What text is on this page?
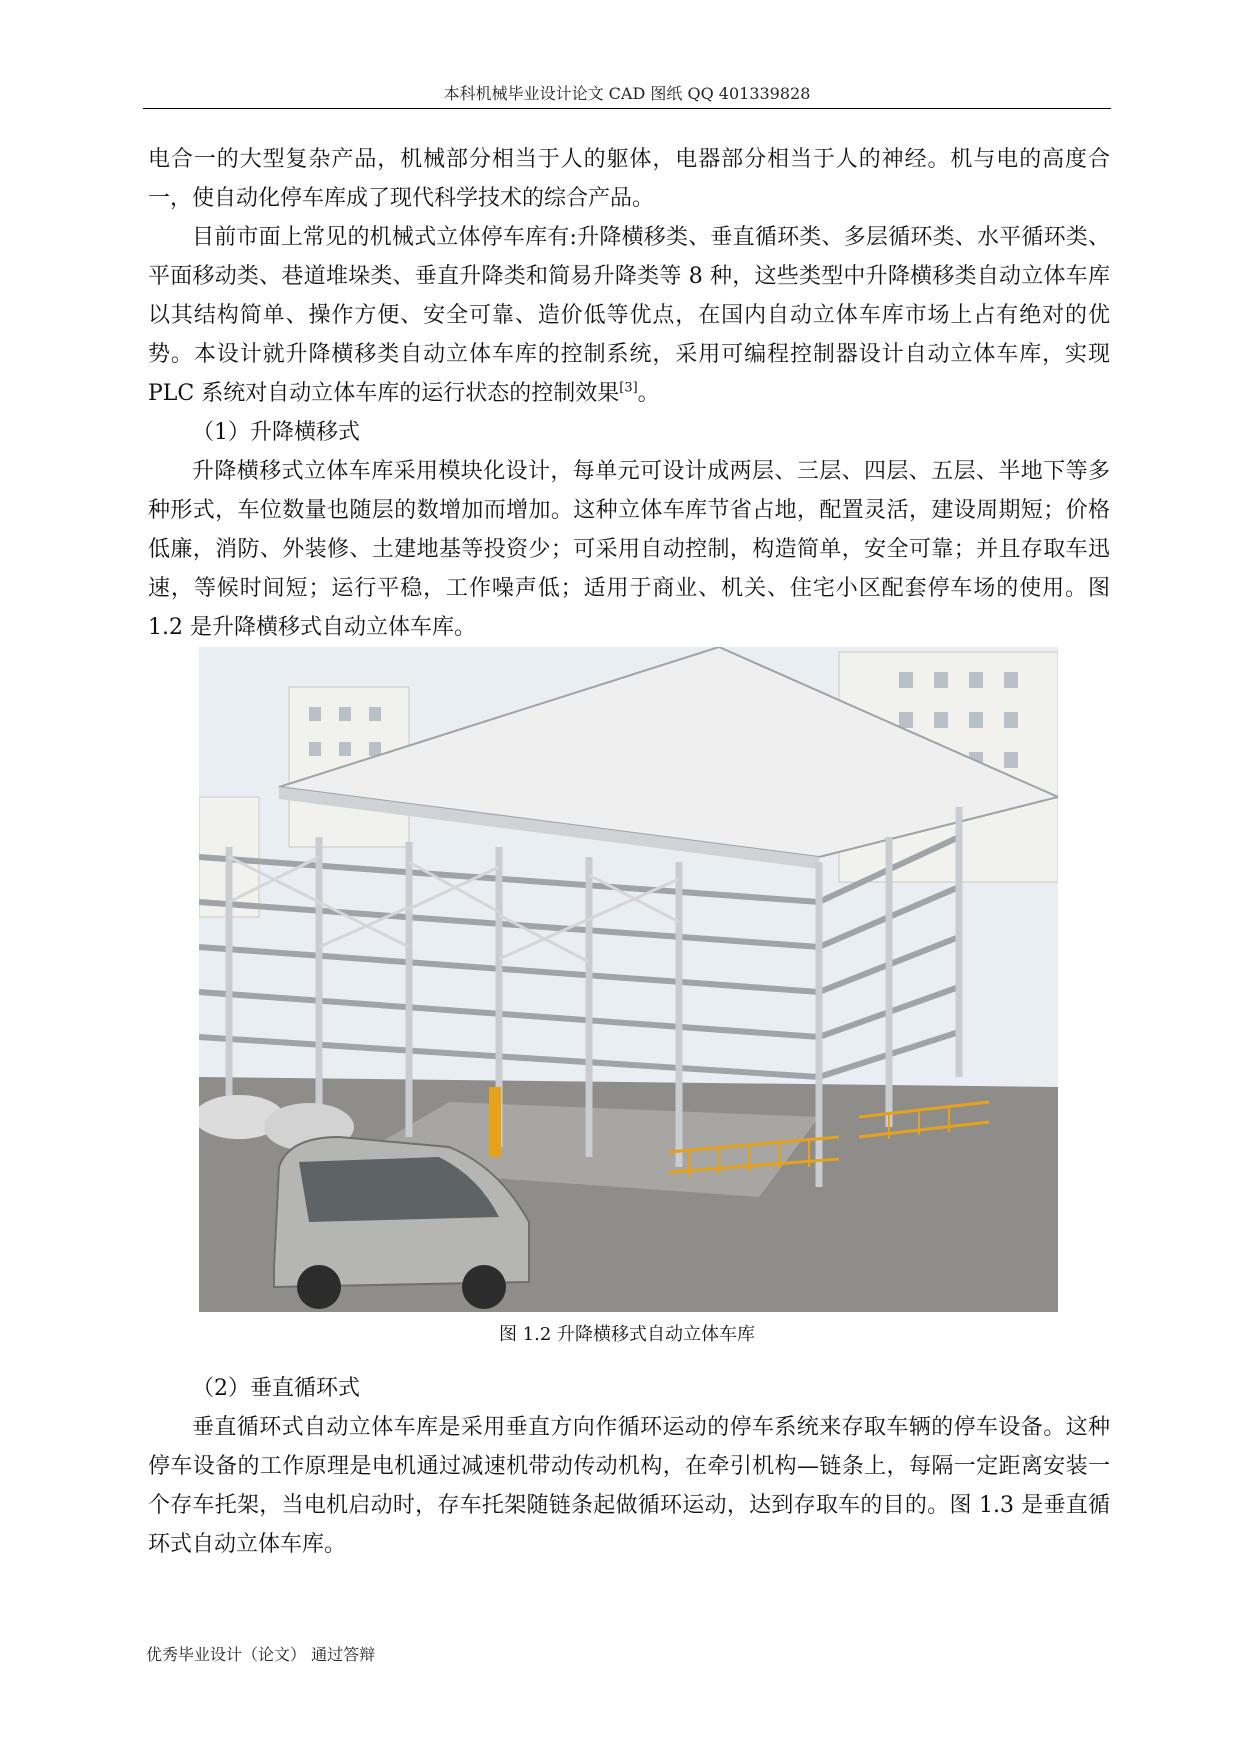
本科机械毕业设计论文 CAD 图纸 QQ 401339828

电合一的大型复杂产品，机械部分相当于人的躯体，电器部分相当于人的神经。机与电的高度合一，使自动化停车库成了现代科学技术的综合产品。

目前市面上常见的机械式立体停车库有:升降横移类、垂直循环类、多层循环类、水平循环类、平面移动类、巷道堆垛类、垂直升降类和简易升降类等 8 种，这些类型中升降横移类自动立体车库以其结构简单、操作方便、安全可靠、造价低等优点，在国内自动立体车库市场上占有绝对的优势。本设计就升降横移类自动立体车库的控制系统，采用可编程控制器设计自动立体车库，实现 PLC 系统对自动立体车库的运行状态的控制效果[3]。

（1）升降横移式

升降横移式立体车库采用模块化设计，每单元可设计成两层、三层、四层、五层、半地下等多种形式，车位数量也随层的数增加而增加。这种立体车库节省占地，配置灵活，建设周期短；价格低廉，消防、外装修、土建地基等投资少；可采用自动控制，构造简单，安全可靠；并且存取车迅速，等候时间短；运行平稳，工作噪声低；适用于商业、机关、住宅小区配套停车场的使用。图 1.2 是升降横移式自动立体车库。

图 1.2 升降横移式自动立体车库

（2）垂直循环式

垂直循环式自动立体车库是采用垂直方向作循环运动的停车系统来存取车辆的停车设备。这种停车设备的工作原理是电机通过减速机带动传动机构，在牵引机构—链条上，每隔一定距离安装一个存车托架，当电机启动时，存车托架随链条起做循环运动，达到存取车的目的。图 1.3 是垂直循环式自动立体车库。

优秀毕业设计（论文） 通过答辩
